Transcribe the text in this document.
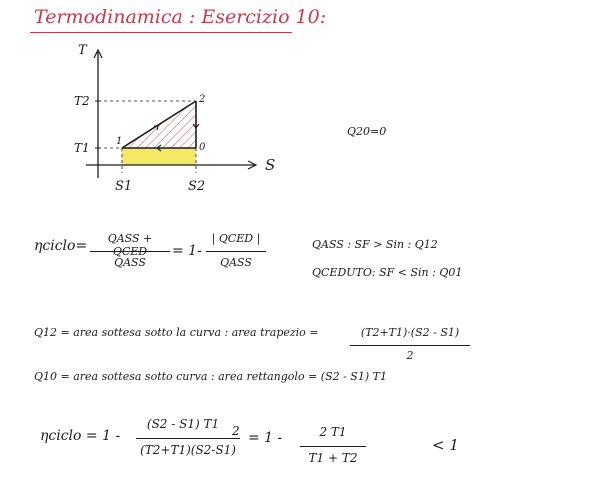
Termodinamica : Esercizio 10:
T
S
T2
T1
S1	S2
1
2
0
Q20=0
ηciclo=	QASS + QCED
QASS
= 1-
| QCED |
QASS
QASS : SF > Sin : Q12
QCEDUTO: SF < Sin : Q01
Q12 = area sottesa sotto la curva : area trapezio =	(T2+T1)·(S2 - S1)
2
Q10 = area sottesa sotto curva : area rettangolo = (S2 - S1) T1
ηciclo = 1 -
(S2 - S1) T1	2
(T2+T1)(S2-S1)
= 1 -	2 T1
T1 + T2
< 1
